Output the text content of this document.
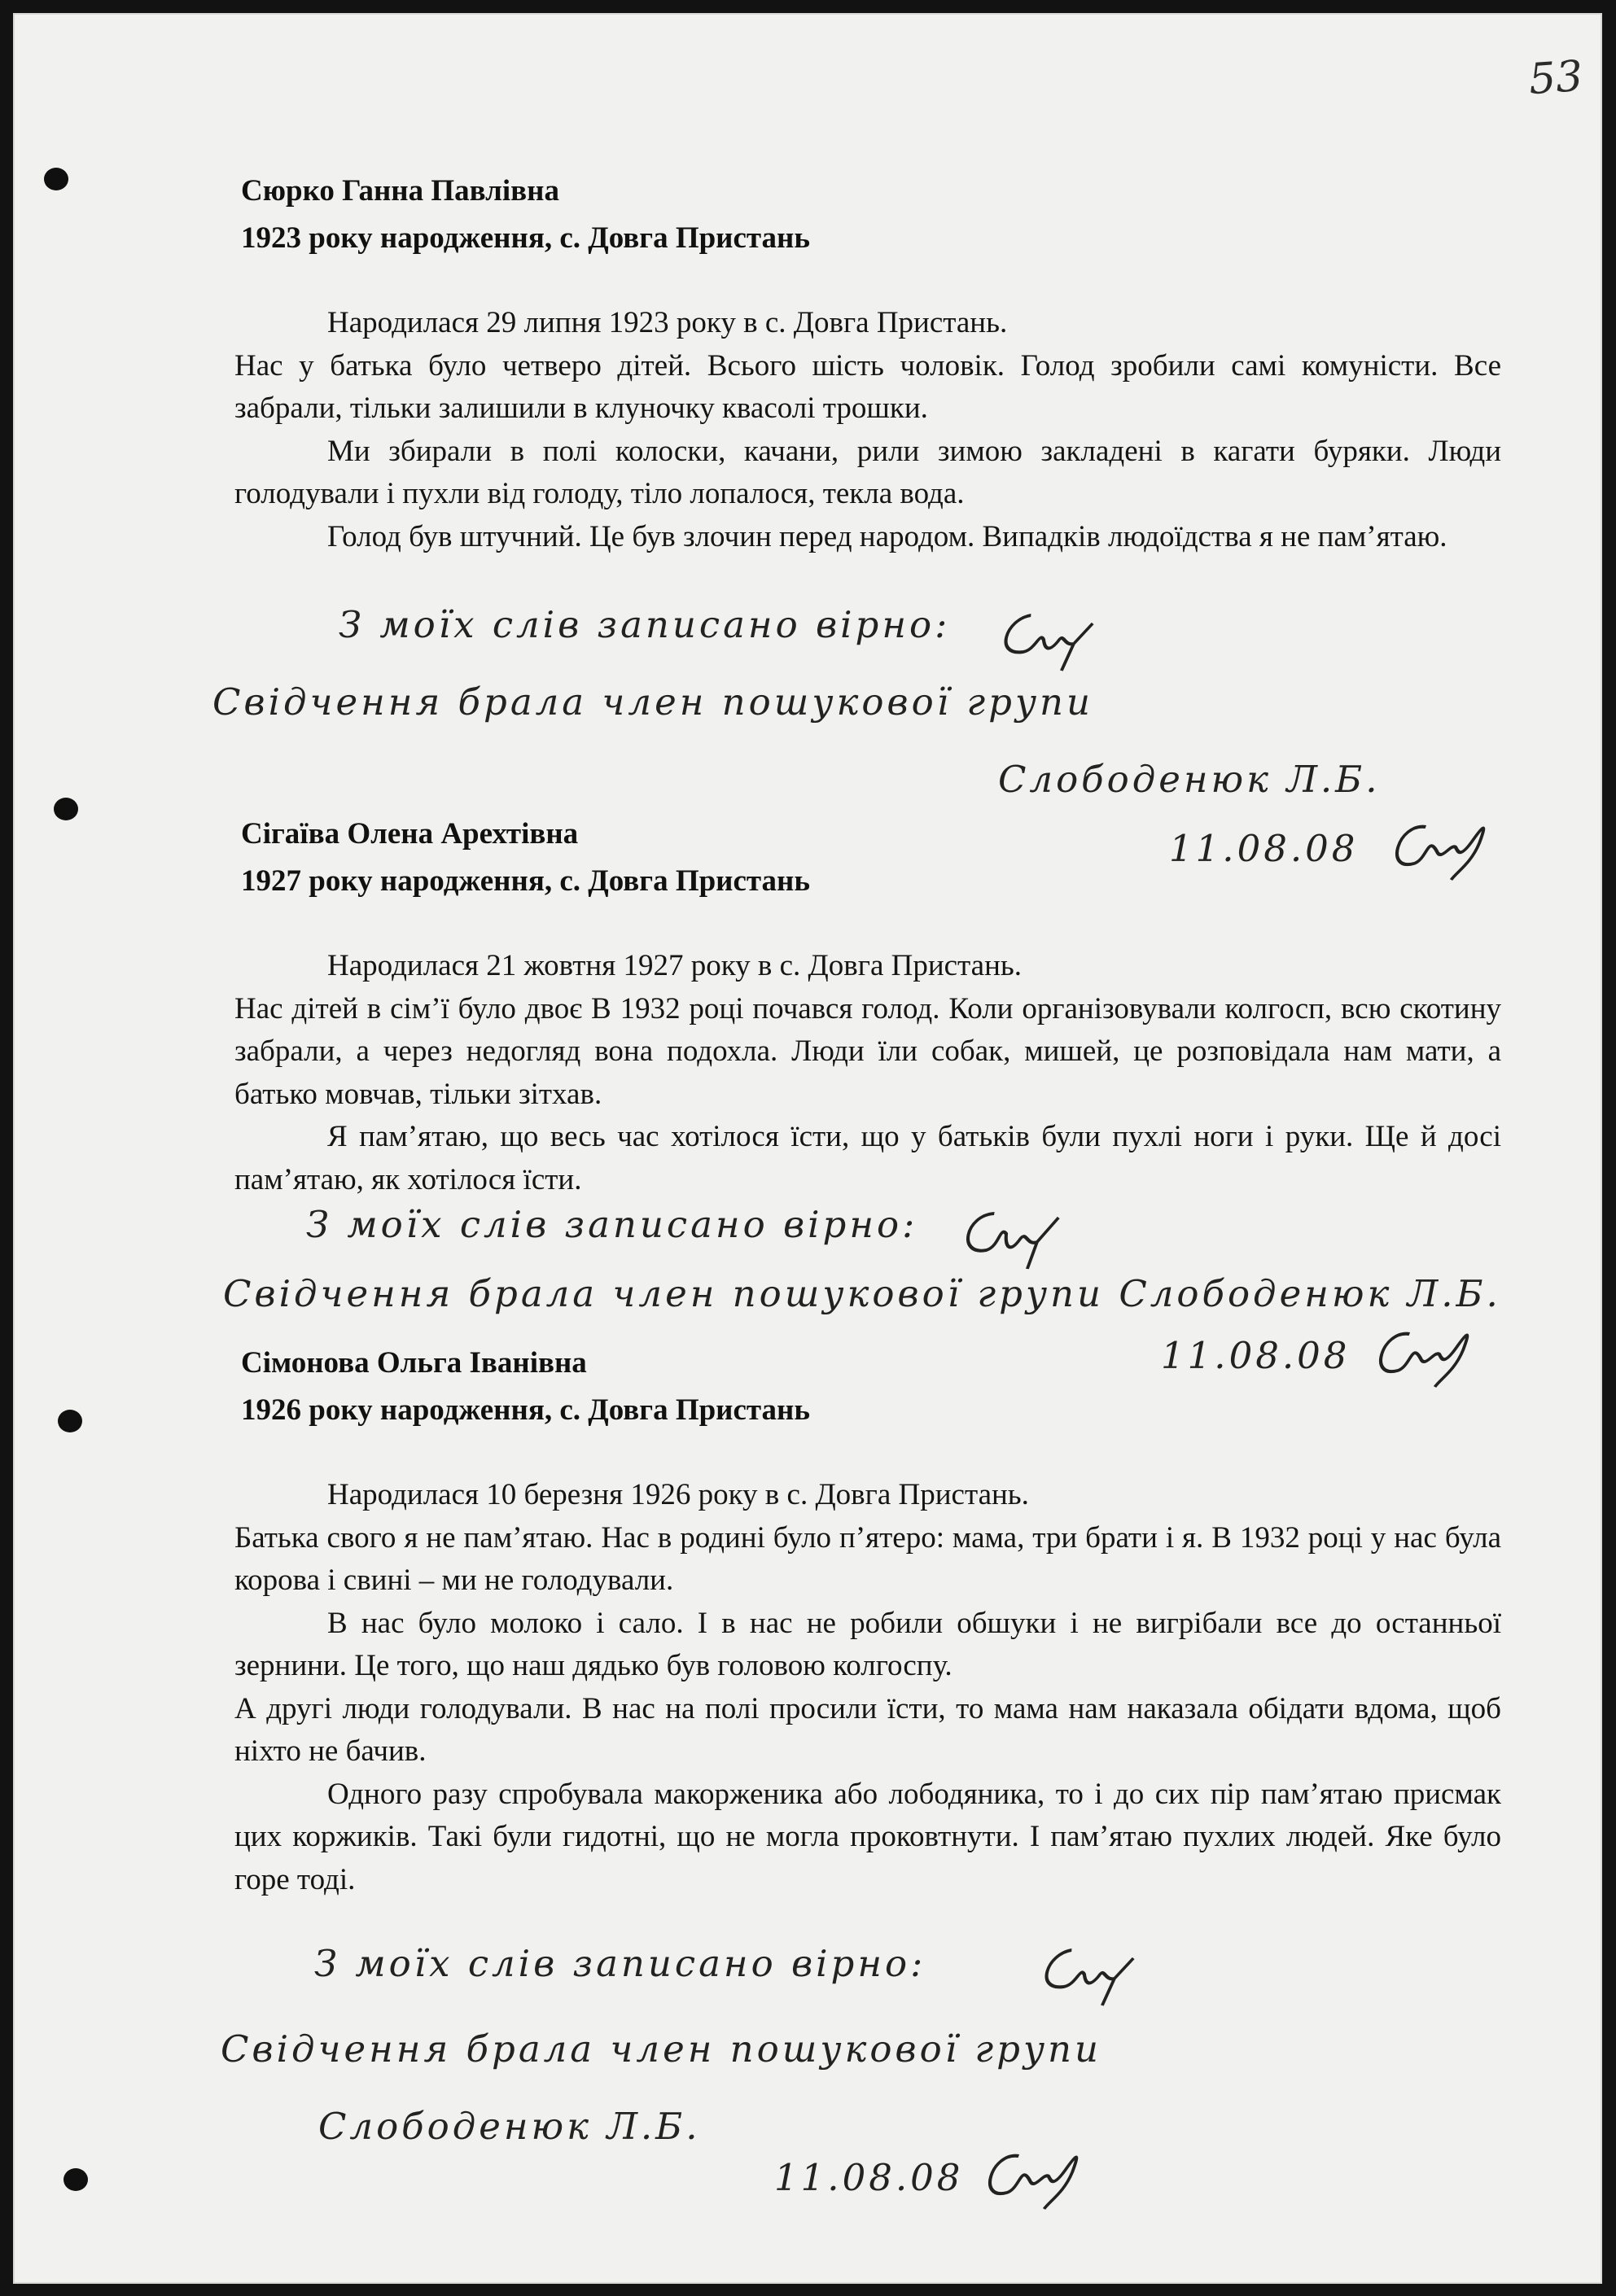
53
Сюрко Ганна Павлівна
1923 року народження, с. Довга Пристань

Народилася 29 липня 1923 року в с. Довга Пристань.

Нас у батька було четверо дітей. Всього шість чоловік. Голод зробили самі комуністи. Все забрали, тільки залишили в клуночку квасолі трошки.

Ми збирали в полі колоски, качани, рили зимою закладені в кагати буряки. Люди голодували і пухли від голоду, тіло лопалося, текла вода.

Голод був штучний. Це був злочин перед народом. Випадків людоїдства я не пам’ятаю.

З моїх слів записано вірно:
Свідчення брала член пошукової групи
Слободенюк Л.Б.
11.08.08
Сігаїва Олена Арехтівна
1927 року народження, с. Довга Пристань

Народилася 21 жовтня 1927 року в с. Довга Пристань.

Нас дітей в сім’ї було двоє В 1932 році почався голод. Коли організовували колгосп, всю скотину забрали, а через недогляд вона подохла. Люди їли собак, мишей, це розповідала нам мати, а батько мовчав, тільки зітхав.

Я пам’ятаю, що весь час хотілося їсти, що у батьків були пухлі ноги і руки. Ще й досі пам’ятаю, як хотілося їсти.

З моїх слів записано вірно:
Свідчення брала член пошукової групи Слободенюк Л.Б.
11.08.08
Сімонова Ольга Іванівна
1926 року народження, с. Довга Пристань

Народилася 10 березня 1926 року в с. Довга Пристань.

Батька свого я не пам’ятаю. Нас в родині було п’ятеро: мама, три брати і я. В 1932 році у нас була корова і свині – ми не голодували.

В нас було молоко і сало. І в нас не робили обшуки і не вигрібали все до останньої зернини. Це того, що наш дядько був головою колгоспу.

А другі люди голодували. В нас на полі просили їсти, то мама нам наказала обідати вдома, щоб ніхто не бачив.

Одного разу спробувала макорженика або лободяника, то і до сих пір пам’ятаю присмак цих коржиків. Такі були гидотні, що не могла проковтнути. І пам’ятаю пухлих людей. Яке було горе тоді.

З моїх слів записано вірно:
Свідчення брала член пошукової групи
Слободенюк Л.Б.
11.08.08
